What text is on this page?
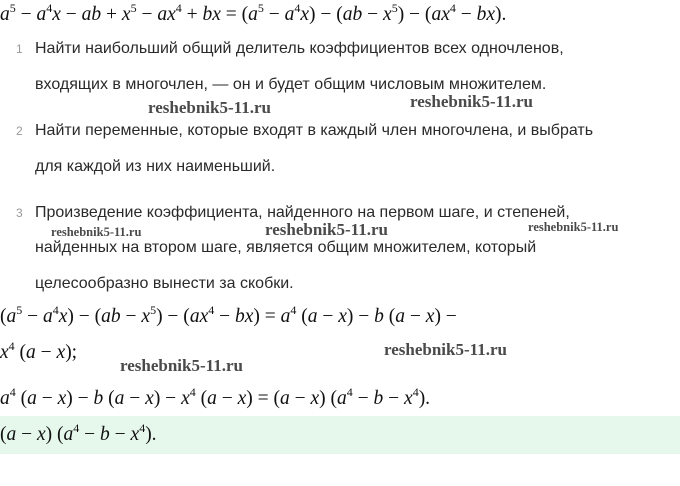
$a^5 - a^4x$ − ab + $x^5 - ax^4$ + bx = $(a^5 - a^4x) - (ab - x^5) - (ax^4 - bx)$.
1 Найти наибольший общий делитель коэффициентов всех одночленов,
входящих в многочлен, — он и будет общим числовым множителем.
2 Найти переменные, которые входят в каждый член многочлена, и выбрать
для каждой из них наименьший.
3 Произведение коэффициента, найденного на первом шаге, и степеней,
найденных на втором шаге, является общим множителем, который
целесообразно вынести за скобки.
$(a^5 - a^4x) - (ab - x^5) - (ax^4 - bx) = a^4$ (a − x) − b (a − x) −
$x^4$ (a − x);
$a^4$ (a − x) − b $(a - x) - x^4$ (a − x) = (a − x) $(a^4 - b - x^4)$.
(a − x) $(a^4 - b - x^4)$.
reshebnik5-11.ru	reshebnik5-11.ru
reshebnik5-11.ru	reshebnik5-11.ru	reshebnik5-11.ru
reshebnik5-11.ru
reshebnik5-11.ru
